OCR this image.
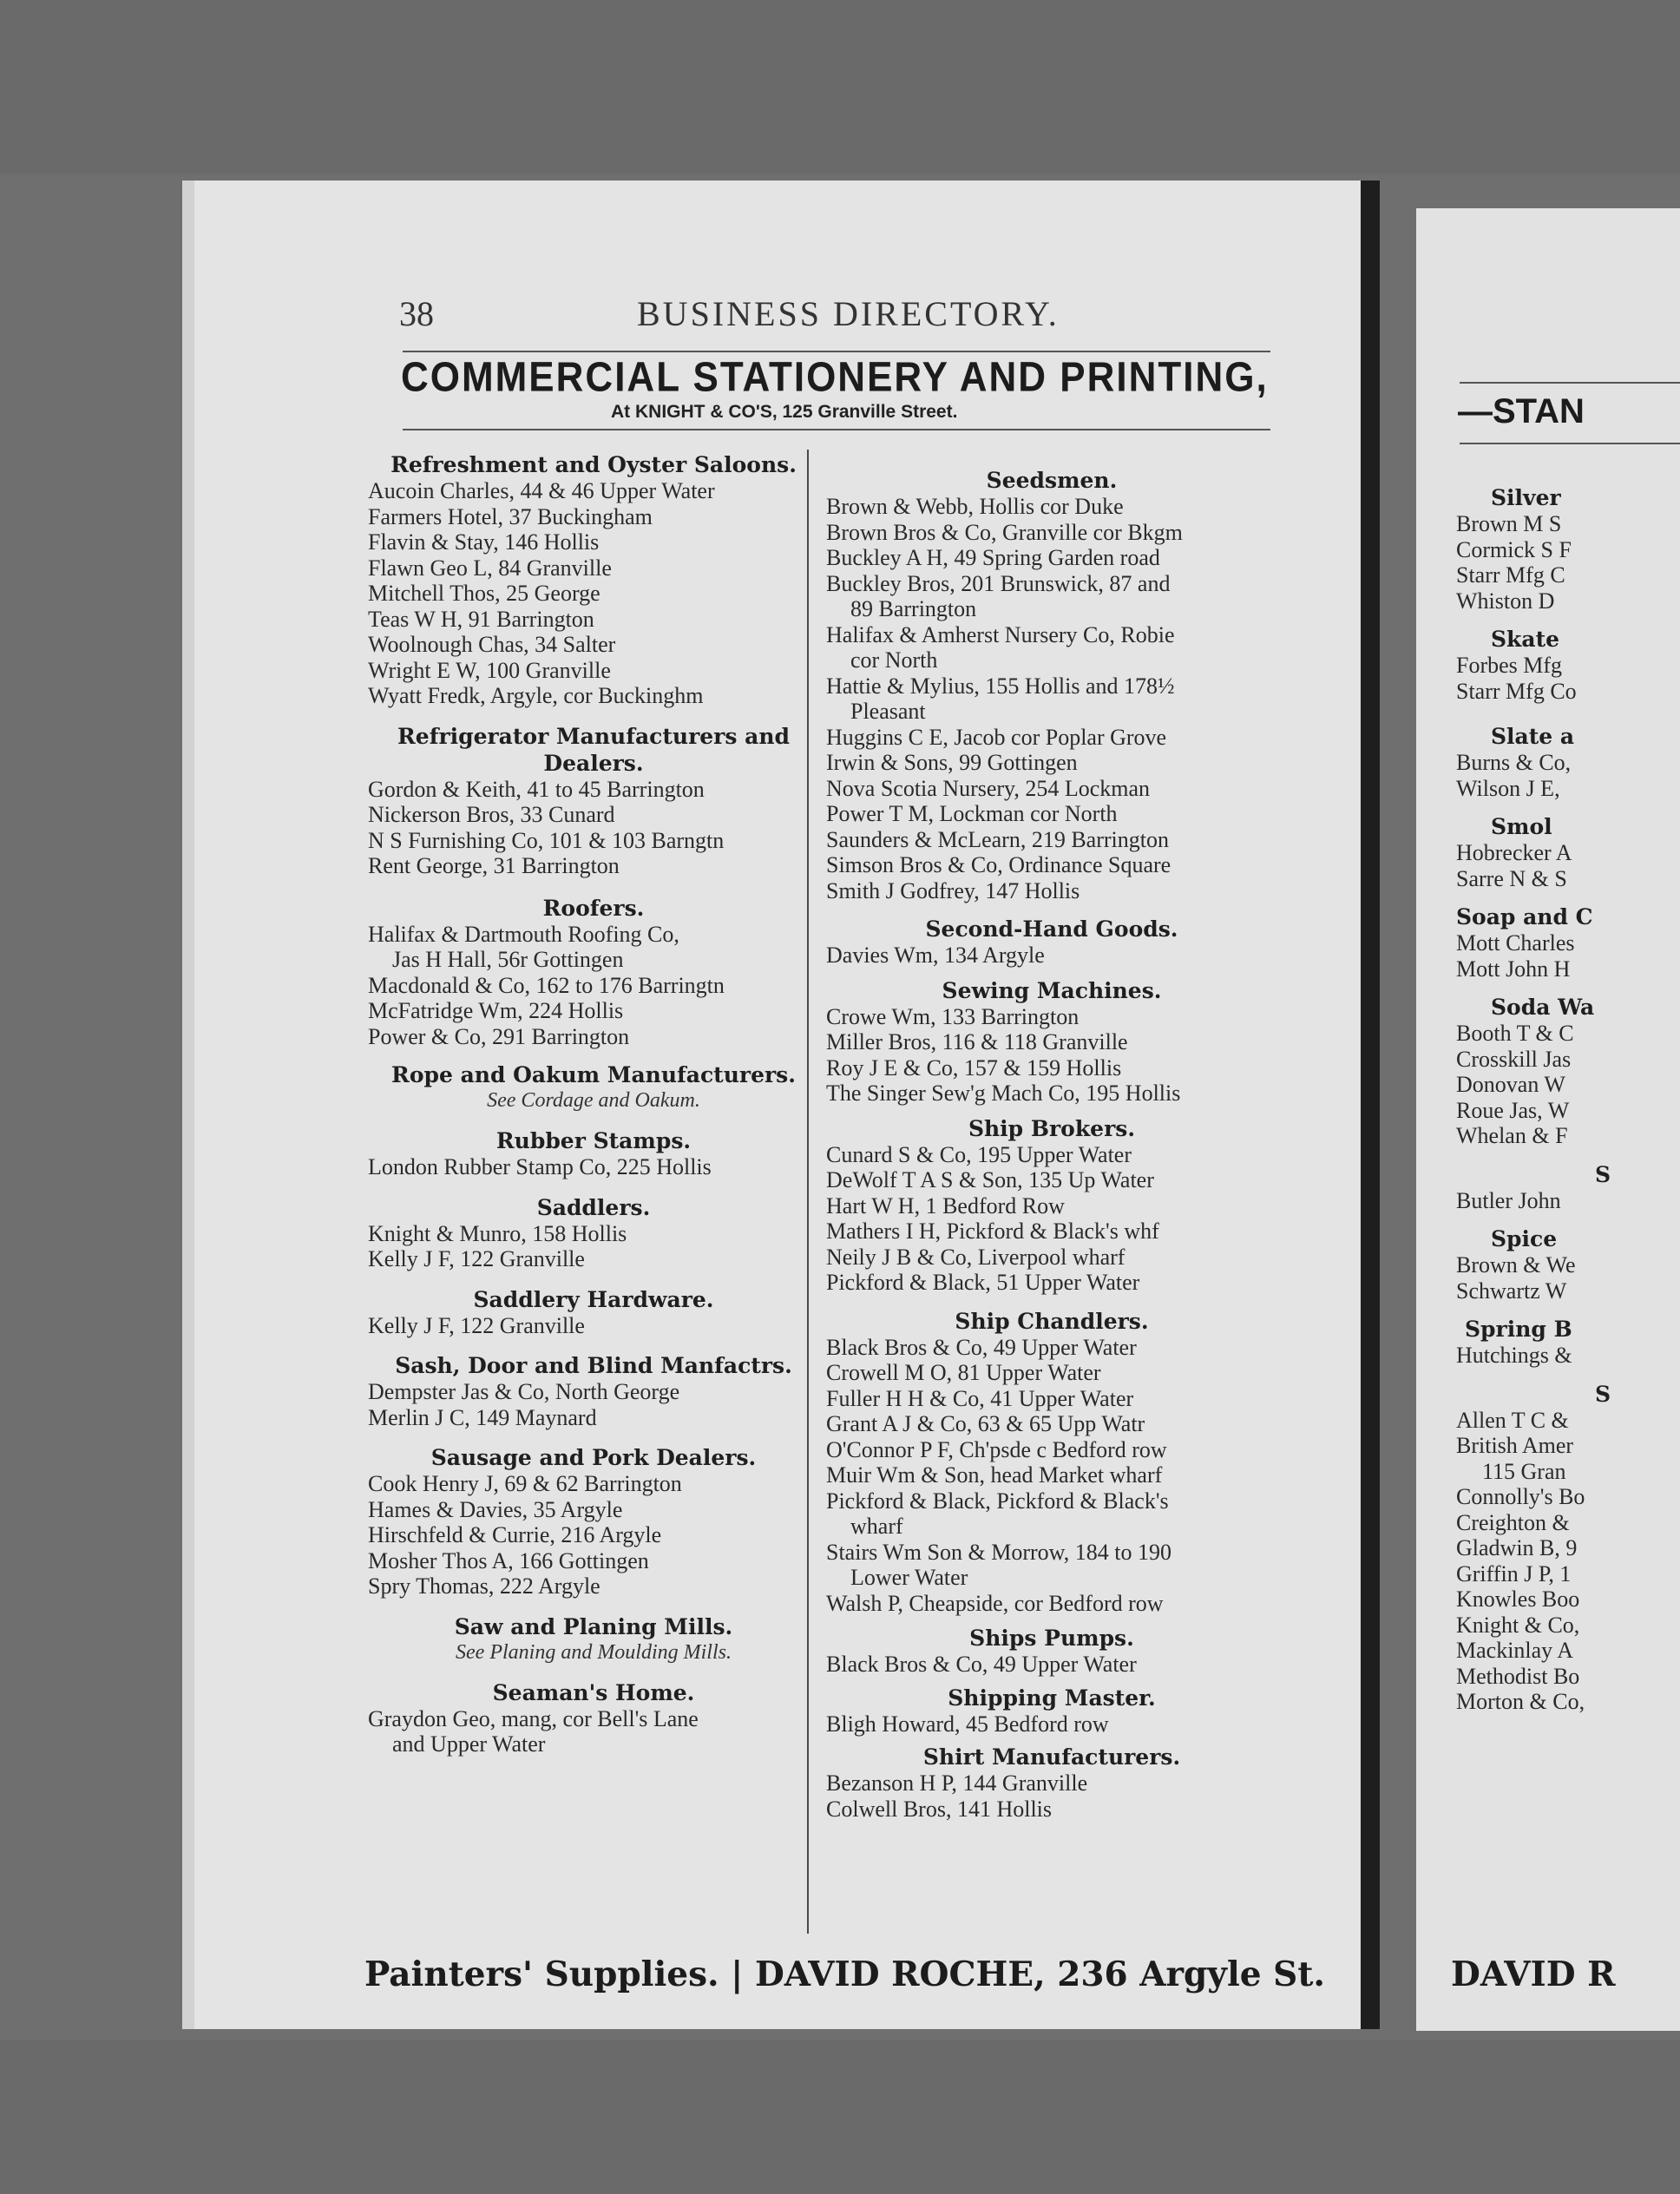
38	BUSINESS DIRECTORY.
COMMERCIAL STATIONERY AND PRINTING,
At KNIGHT & CO'S, 125 Granville Street.
Refreshment and Oyster Saloons.
Aucoin Charles, 44 & 46 Upper Water
Farmers Hotel, 37 Buckingham
Flavin & Stay, 146 Hollis
Flawn Geo L, 84 Granville
Mitchell Thos, 25 George
Teas W H, 91 Barrington
Woolnough Chas, 34 Salter
Wright E W, 100 Granville
Wyatt Fredk, Argyle, cor Buckinghm
Refrigerator Manufacturers and
Dealers.
Gordon & Keith, 41 to 45 Barrington
Nickerson Bros, 33 Cunard
N S Furnishing Co, 101 & 103 Barngtn
Rent George, 31 Barrington
Roofers.
Halifax & Dartmouth Roofing Co,
Jas H Hall, 56r Gottingen
Macdonald & Co, 162 to 176 Barringtn
McFatridge Wm, 224 Hollis
Power & Co, 291 Barrington
Rope and Oakum Manufacturers.
See Cordage and Oakum.
Rubber Stamps.
London Rubber Stamp Co, 225 Hollis
Saddlers.
Knight & Munro, 158 Hollis
Kelly J F, 122 Granville
Saddlery Hardware.
Kelly J F, 122 Granville
Sash, Door and Blind Manfactrs.
Dempster Jas & Co, North George
Merlin J C, 149 Maynard
Sausage and Pork Dealers.
Cook Henry J, 69 & 62 Barrington
Hames & Davies, 35 Argyle
Hirschfeld & Currie, 216 Argyle
Mosher Thos A, 166 Gottingen
Spry Thomas, 222 Argyle
Saw and Planing Mills.
See Planing and Moulding Mills.
Seaman's Home.
Graydon Geo, mang, cor Bell's Lane
and Upper Water
Seedsmen.
Brown & Webb, Hollis cor Duke
Brown Bros & Co, Granville cor Bkgm
Buckley A H, 49 Spring Garden road
Buckley Bros, 201 Brunswick, 87 and
89 Barrington
Halifax & Amherst Nursery Co, Robie
cor North
Hattie & Mylius, 155 Hollis and 178½
Pleasant
Huggins C E, Jacob cor Poplar Grove
Irwin & Sons, 99 Gottingen
Nova Scotia Nursery, 254 Lockman
Power T M, Lockman cor North
Saunders & McLearn, 219 Barrington
Simson Bros & Co, Ordinance Square
Smith J Godfrey, 147 Hollis
Second-Hand Goods.
Davies Wm, 134 Argyle
Sewing Machines.
Crowe Wm, 133 Barrington
Miller Bros, 116 & 118 Granville
Roy J E & Co, 157 & 159 Hollis
The Singer Sew'g Mach Co, 195 Hollis
Ship Brokers.
Cunard S & Co, 195 Upper Water
DeWolf T A S & Son, 135 Up Water
Hart W H, 1 Bedford Row
Mathers I H, Pickford & Black's whf
Neily J B & Co, Liverpool wharf
Pickford & Black, 51 Upper Water
Ship Chandlers.
Black Bros & Co, 49 Upper Water
Crowell M O, 81 Upper Water
Fuller H H & Co, 41 Upper Water
Grant A J & Co, 63 & 65 Upp Watr
O'Connor P F, Ch'psde c Bedford row
Muir Wm & Son, head Market wharf
Pickford & Black, Pickford & Black's
wharf
Stairs Wm Son & Morrow, 184 to 190
Lower Water
Walsh P, Cheapside, cor Bedford row
Ships Pumps.
Black Bros & Co, 49 Upper Water
Shipping Master.
Bligh Howard, 45 Bedford row
Shirt Manufacturers.
Bezanson H P, 144 Granville
Colwell Bros, 141 Hollis
Painters' Supplies. | DAVID ROCHE, 236 Argyle St.
—STAN
Silver
Brown M S
Cormick S F
Starr Mfg C
Whiston D
Skate
Forbes Mfg
Starr Mfg Co
Slate a
Burns & Co,
Wilson J E,
Smol
Hobrecker A
Sarre N & S
Soap and C
Mott Charles
Mott John H
Soda Wa
Booth T & C
Crosskill Jas
Donovan W
Roue Jas, W
Whelan & F
S
Butler John
Spice
Brown & We
Schwartz W
Spring B
Hutchings &
S
Allen T C &
British Amer
115 Gran
Connolly's Bo
Creighton &
Gladwin B, 9
Griffin J P, 1
Knowles Boo
Knight & Co,
Mackinlay A
Methodist Bo
Morton & Co,
DAVID R
